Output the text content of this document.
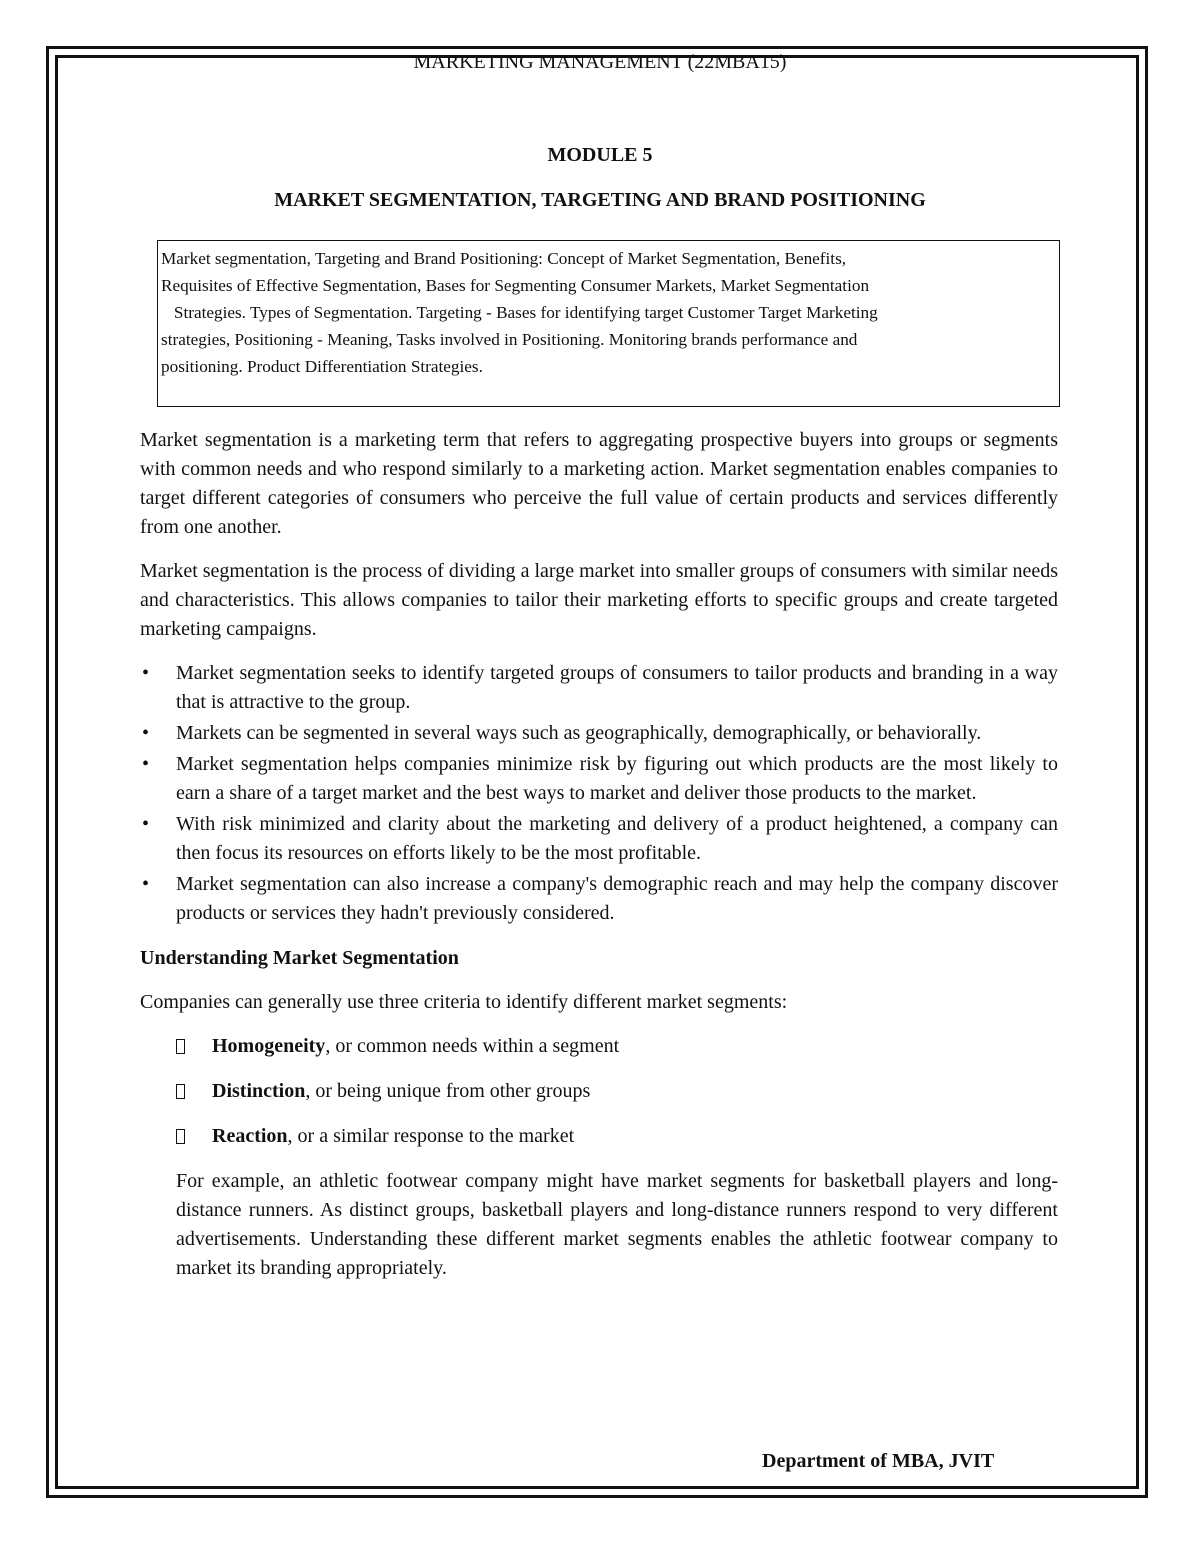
MARKETING MANAGEMENT (22MBA15)
MODULE 5
MARKET SEGMENTATION, TARGETING AND BRAND POSITIONING
Market segmentation, Targeting and Brand Positioning: Concept of Market Segmentation, Benefits,
Requisites of Effective Segmentation, Bases for Segmenting Consumer Markets, Market Segmentation
Strategies. Types of Segmentation. Targeting - Bases for identifying target Customer Target Marketing
strategies, Positioning - Meaning, Tasks involved in Positioning. Monitoring brands performance and
positioning. Product Differentiation Strategies.

Market segmentation is a marketing term that refers to aggregating prospective buyers into groups or segments with common needs and who respond similarly to a marketing action. Market segmentation enables companies to target different categories of consumers who perceive the full value of certain products and services differently from one another.

Market segmentation is the process of dividing a large market into smaller groups of consumers with similar needs and characteristics. This allows companies to tailor their marketing efforts to specific groups and create targeted marketing campaigns.

• Market segmentation seeks to identify targeted groups of consumers to tailor products and branding in a way that is attractive to the group.
• Markets can be segmented in several ways such as geographically, demographically, or behaviorally.
• Market segmentation helps companies minimize risk by figuring out which products are the most likely to earn a share of a target market and the best ways to market and deliver those products to the market.
• With risk minimized and clarity about the marketing and delivery of a product heightened, a company can then focus its resources on efforts likely to be the most profitable.
• Market segmentation can also increase a company's demographic reach and may help the company discover products or services they hadn't previously considered.

Understanding Market Segmentation

Companies can generally use three criteria to identify different market segments:

Homogeneity, or common needs within a segment
Distinction, or being unique from other groups
Reaction, or a similar response to the market

For example, an athletic footwear company might have market segments for basketball players and long-distance runners. As distinct groups, basketball players and long-distance runners respond to very different advertisements. Understanding these different market segments enables the athletic footwear company to market its branding appropriately.

Department of MBA, JVIT
